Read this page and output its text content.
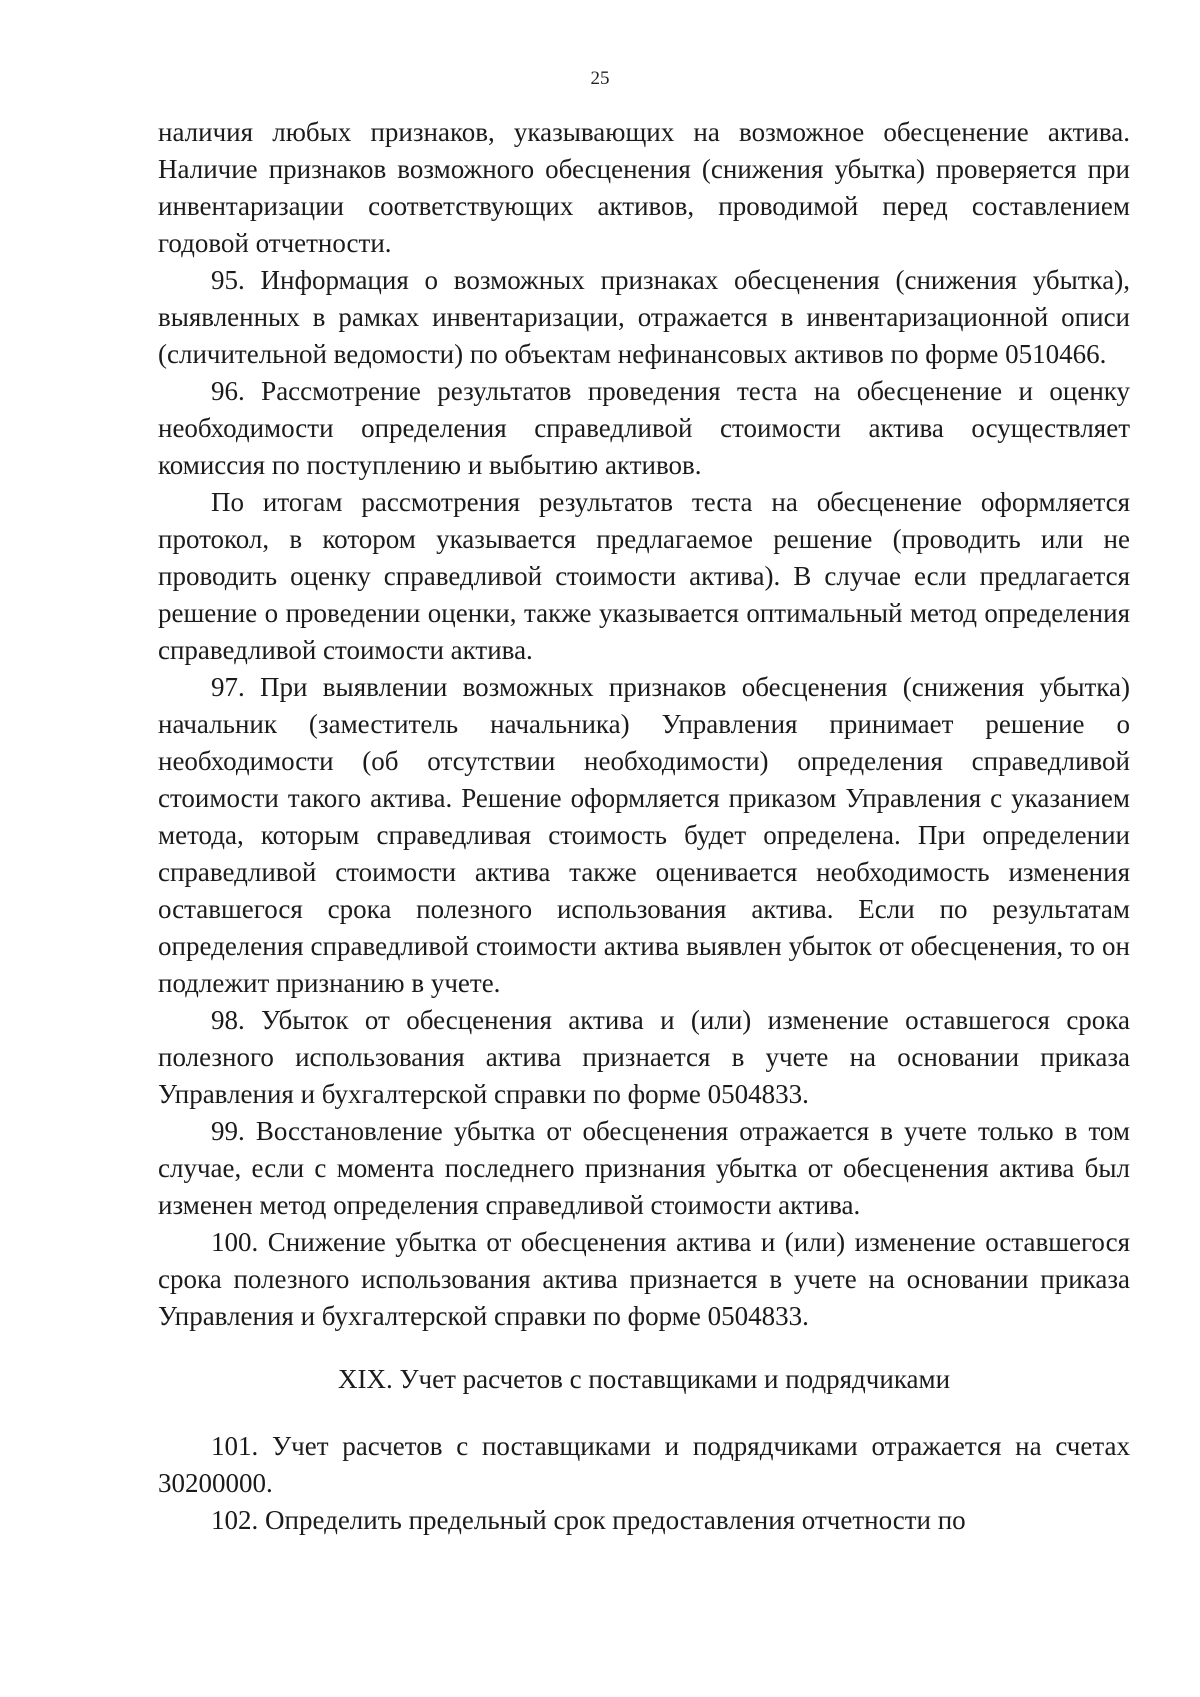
25

наличия любых признаков, указывающих на возможное обесценение актива. Наличие признаков возможного обесценения (снижения убытка) проверяется при инвентаризации соответствующих активов, проводимой перед составлением годовой отчетности.

95. Информация о возможных признаках обесценения (снижения убытка), выявленных в рамках инвентаризации, отражается в инвентаризационной описи (сличительной ведомости) по объектам нефинансовых активов по форме 0510466.

96. Рассмотрение результатов проведения теста на обесценение и оценку необходимости определения справедливой стоимости актива осуществляет комиссия по поступлению и выбытию активов.

По итогам рассмотрения результатов теста на обесценение оформляется протокол, в котором указывается предлагаемое решение (проводить или не проводить оценку справедливой стоимости актива). В случае если предлагается решение о проведении оценки, также указывается оптимальный метод определения справедливой стоимости актива.

97. При выявлении возможных признаков обесценения (снижения убытка) начальник (заместитель начальника) Управления принимает решение о необходимости (об отсутствии необходимости) определения справедливой стоимости такого актива. Решение оформляется приказом Управления с указанием метода, которым справедливая стоимость будет определена. При определении справедливой стоимости актива также оценивается необходимость изменения оставшегося срока полезного использования актива. Если по результатам определения справедливой стоимости актива выявлен убыток от обесценения, то он подлежит признанию в учете.

98. Убыток от обесценения актива и (или) изменение оставшегося срока полезного использования актива признается в учете на основании приказа Управления и бухгалтерской справки по форме 0504833.

99. Восстановление убытка от обесценения отражается в учете только в том случае, если с момента последнего признания убытка от обесценения актива был изменен метод определения справедливой стоимости актива.

100. Снижение убытка от обесценения актива и (или) изменение оставшегося срока полезного использования актива признается в учете на основании приказа Управления и бухгалтерской справки по форме 0504833.

XIX. Учет расчетов с поставщиками и подрядчиками

101. Учет расчетов с поставщиками и подрядчиками отражается на счетах 30200000.

102. Определить предельный срок предоставления отчетности по
